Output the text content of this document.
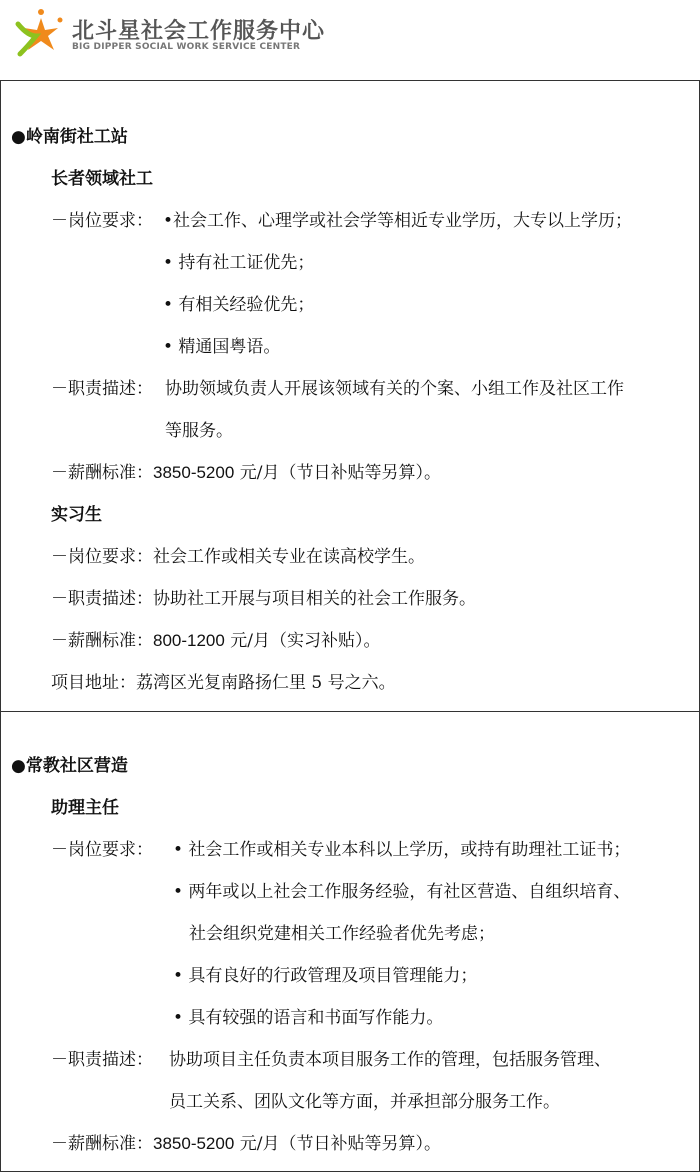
北斗星社会工作服务中心
BIG DIPPER SOCIAL WORK SERVICE CENTER
●岭南街社工站
长者领域社工
－岗位要求： •社会工作、心理学或社会学等相近专业学历，大专以上学历；
• 持有社工证优先；
• 有相关经验优先；
• 精通国粤语。
－职责描述： 协助领域负责人开展该领域有关的个案、小组工作及社区工作
等服务。
－薪酬标准：3850-5200 元/月（节日补贴等另算）。
实习生
－岗位要求：社会工作或相关专业在读高校学生。
－职责描述：协助社工开展与项目相关的社会工作服务。
－薪酬标准：800-1200 元/月（实习补贴）。
项目地址：荔湾区光复南路扬仁里 5 号之六。
●常教社区营造
助理主任
－岗位要求： • 社会工作或相关专业本科以上学历，或持有助理社工证书；
• 两年或以上社会工作服务经验，有社区营造、自组织培育、
社会组织党建相关工作经验者优先考虑；
• 具有良好的行政管理及项目管理能力；
• 具有较强的语言和书面写作能力。
－职责描述： 协助项目主任负责本项目服务工作的管理，包括服务管理、
员工关系、团队文化等方面，并承担部分服务工作。
－薪酬标准：3850-5200 元/月（节日补贴等另算）。
